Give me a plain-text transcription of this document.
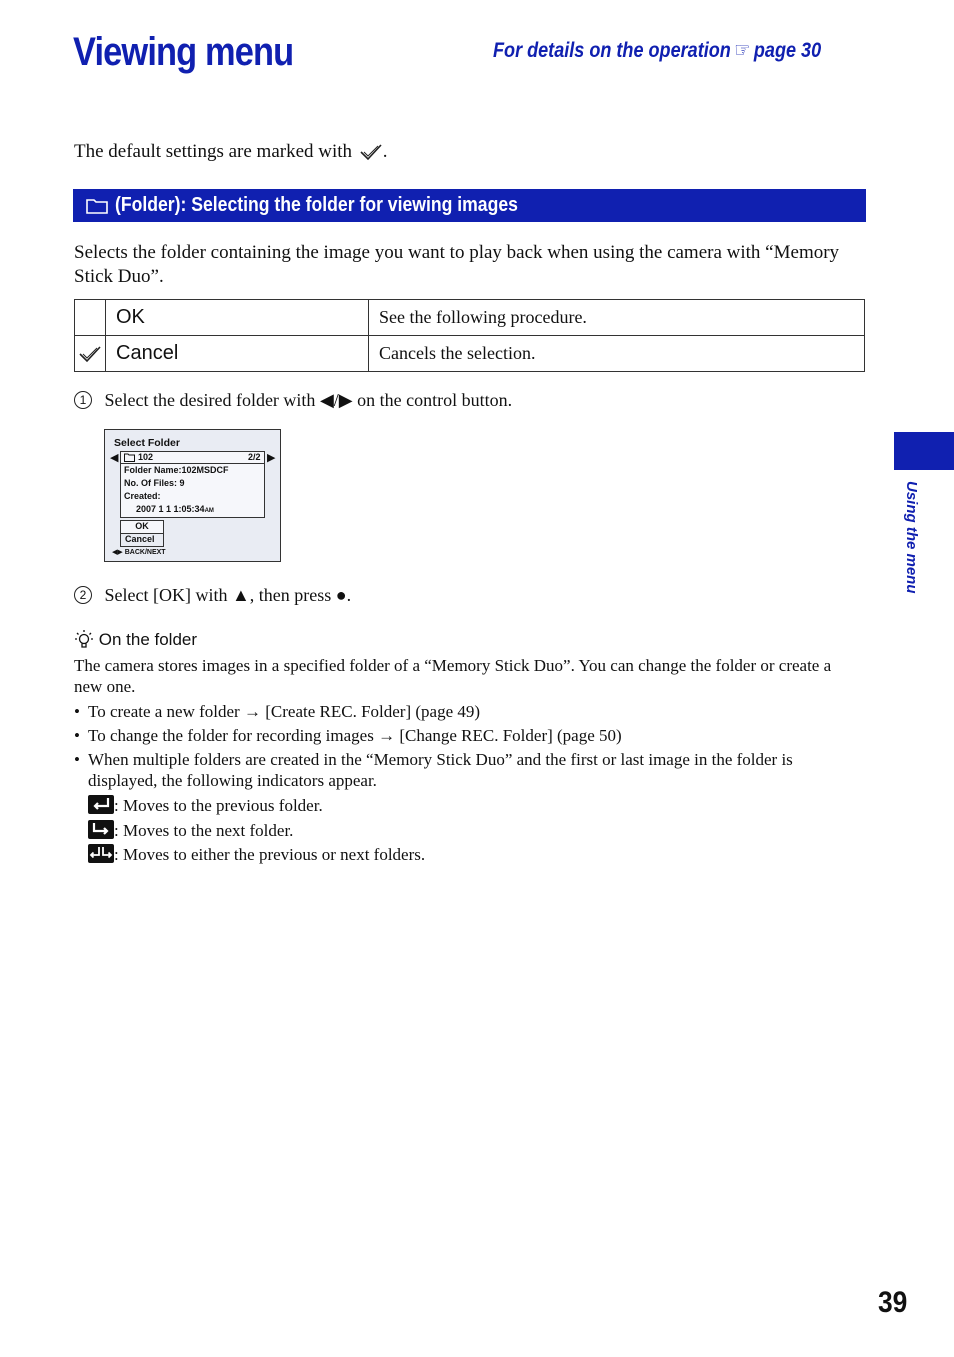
Viewing menu	For details on the operation ☞ page 30
The default settings are marked with .
(Folder): Selecting the folder for viewing images
Selects the folder containing the image you want to play back when using the camera with “Memory Stick Duo”.
	OK	See the following procedure.
	Cancel	Cancels the selection.
1 Select the desired folder with ◀/▶ on the control button.
Select Folder
◀	▶
102	2/2
Folder Name:102MSDCF
No. Of Files: 9
Created:
2007 1 1 1:05:34AM
OK
Cancel
◀▶ BACK/NEXT
2 Select [OK] with ▲, then press ●.
On the folder
The camera stores images in a specified folder of a “Memory Stick Duo”. You can change the folder or create a new one.
• To create a new folder → [Create REC. Folder] (page 49)
• To change the folder for recording images → [Change REC. Folder] (page 50)
• When multiple folders are created in the “Memory Stick Duo” and the first or last image in the folder is displayed, the following indicators appear.
: Moves to the previous folder.
: Moves to the next folder.
: Moves to either the previous or next folders.
Using the menu
39
